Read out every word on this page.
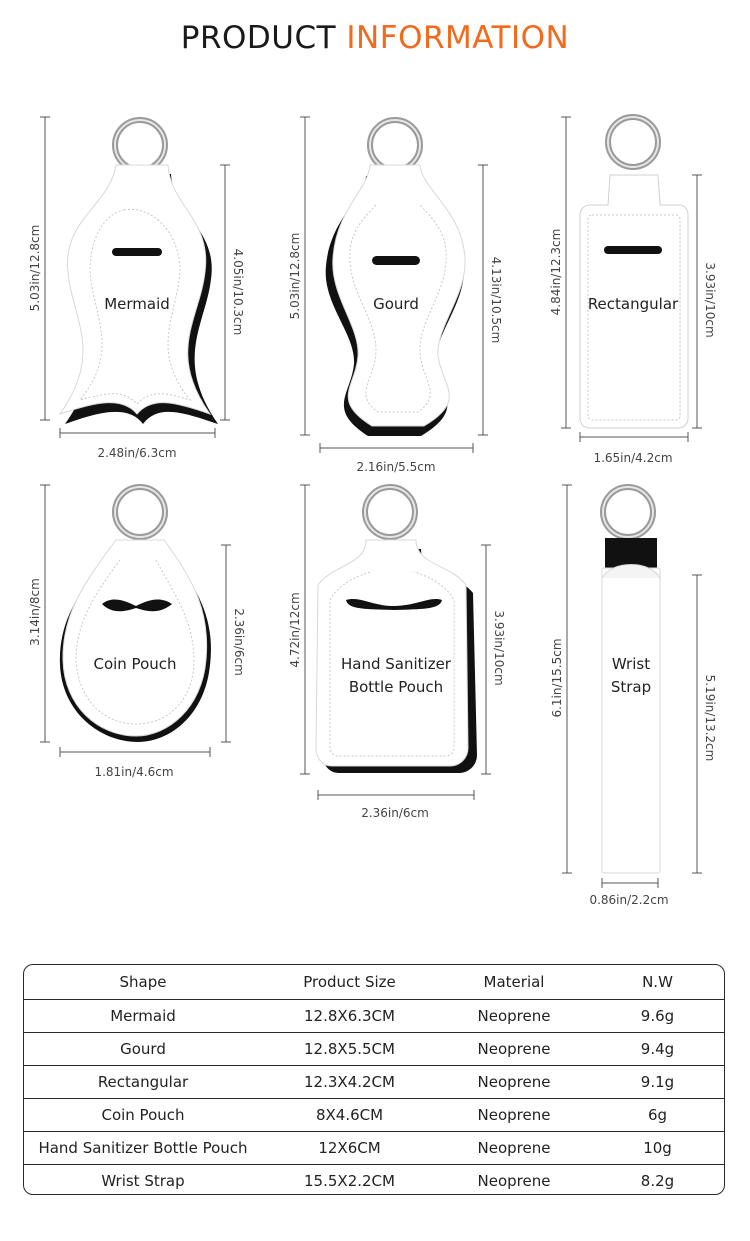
PRODUCT INFORMATION
Mermaid
5.03in/12.8cm	4.05in/10.3cm
2.48in/6.3cm
Gourd
5.03in/12.8cm	4.13in/10.5cm
2.16in/5.5cm
Rectangular
4.84in/12.3cm	3.93in/10cm
1.65in/4.2cm
Coin Pouch
3.14in/8cm	2.36in/6cm
1.81in/4.6cm
Hand Sanitizer
Bottle Pouch
4.72in/12cm	3.93in/10cm
2.36in/6cm
Wrist
Strap
6.1in/15.5cm	5.19in/13.2cm
0.86in/2.2cm
Shape	Product Size	Material	N.W
Mermaid	12.8X6.3CM	Neoprene	9.6g
Gourd	12.8X5.5CM	Neoprene	9.4g
Rectangular	12.3X4.2CM	Neoprene	9.1g
Coin Pouch	8X4.6CM	Neoprene	6g
Hand Sanitizer Bottle Pouch	12X6CM	Neoprene	10g
Wrist Strap	15.5X2.2CM	Neoprene	8.2g
